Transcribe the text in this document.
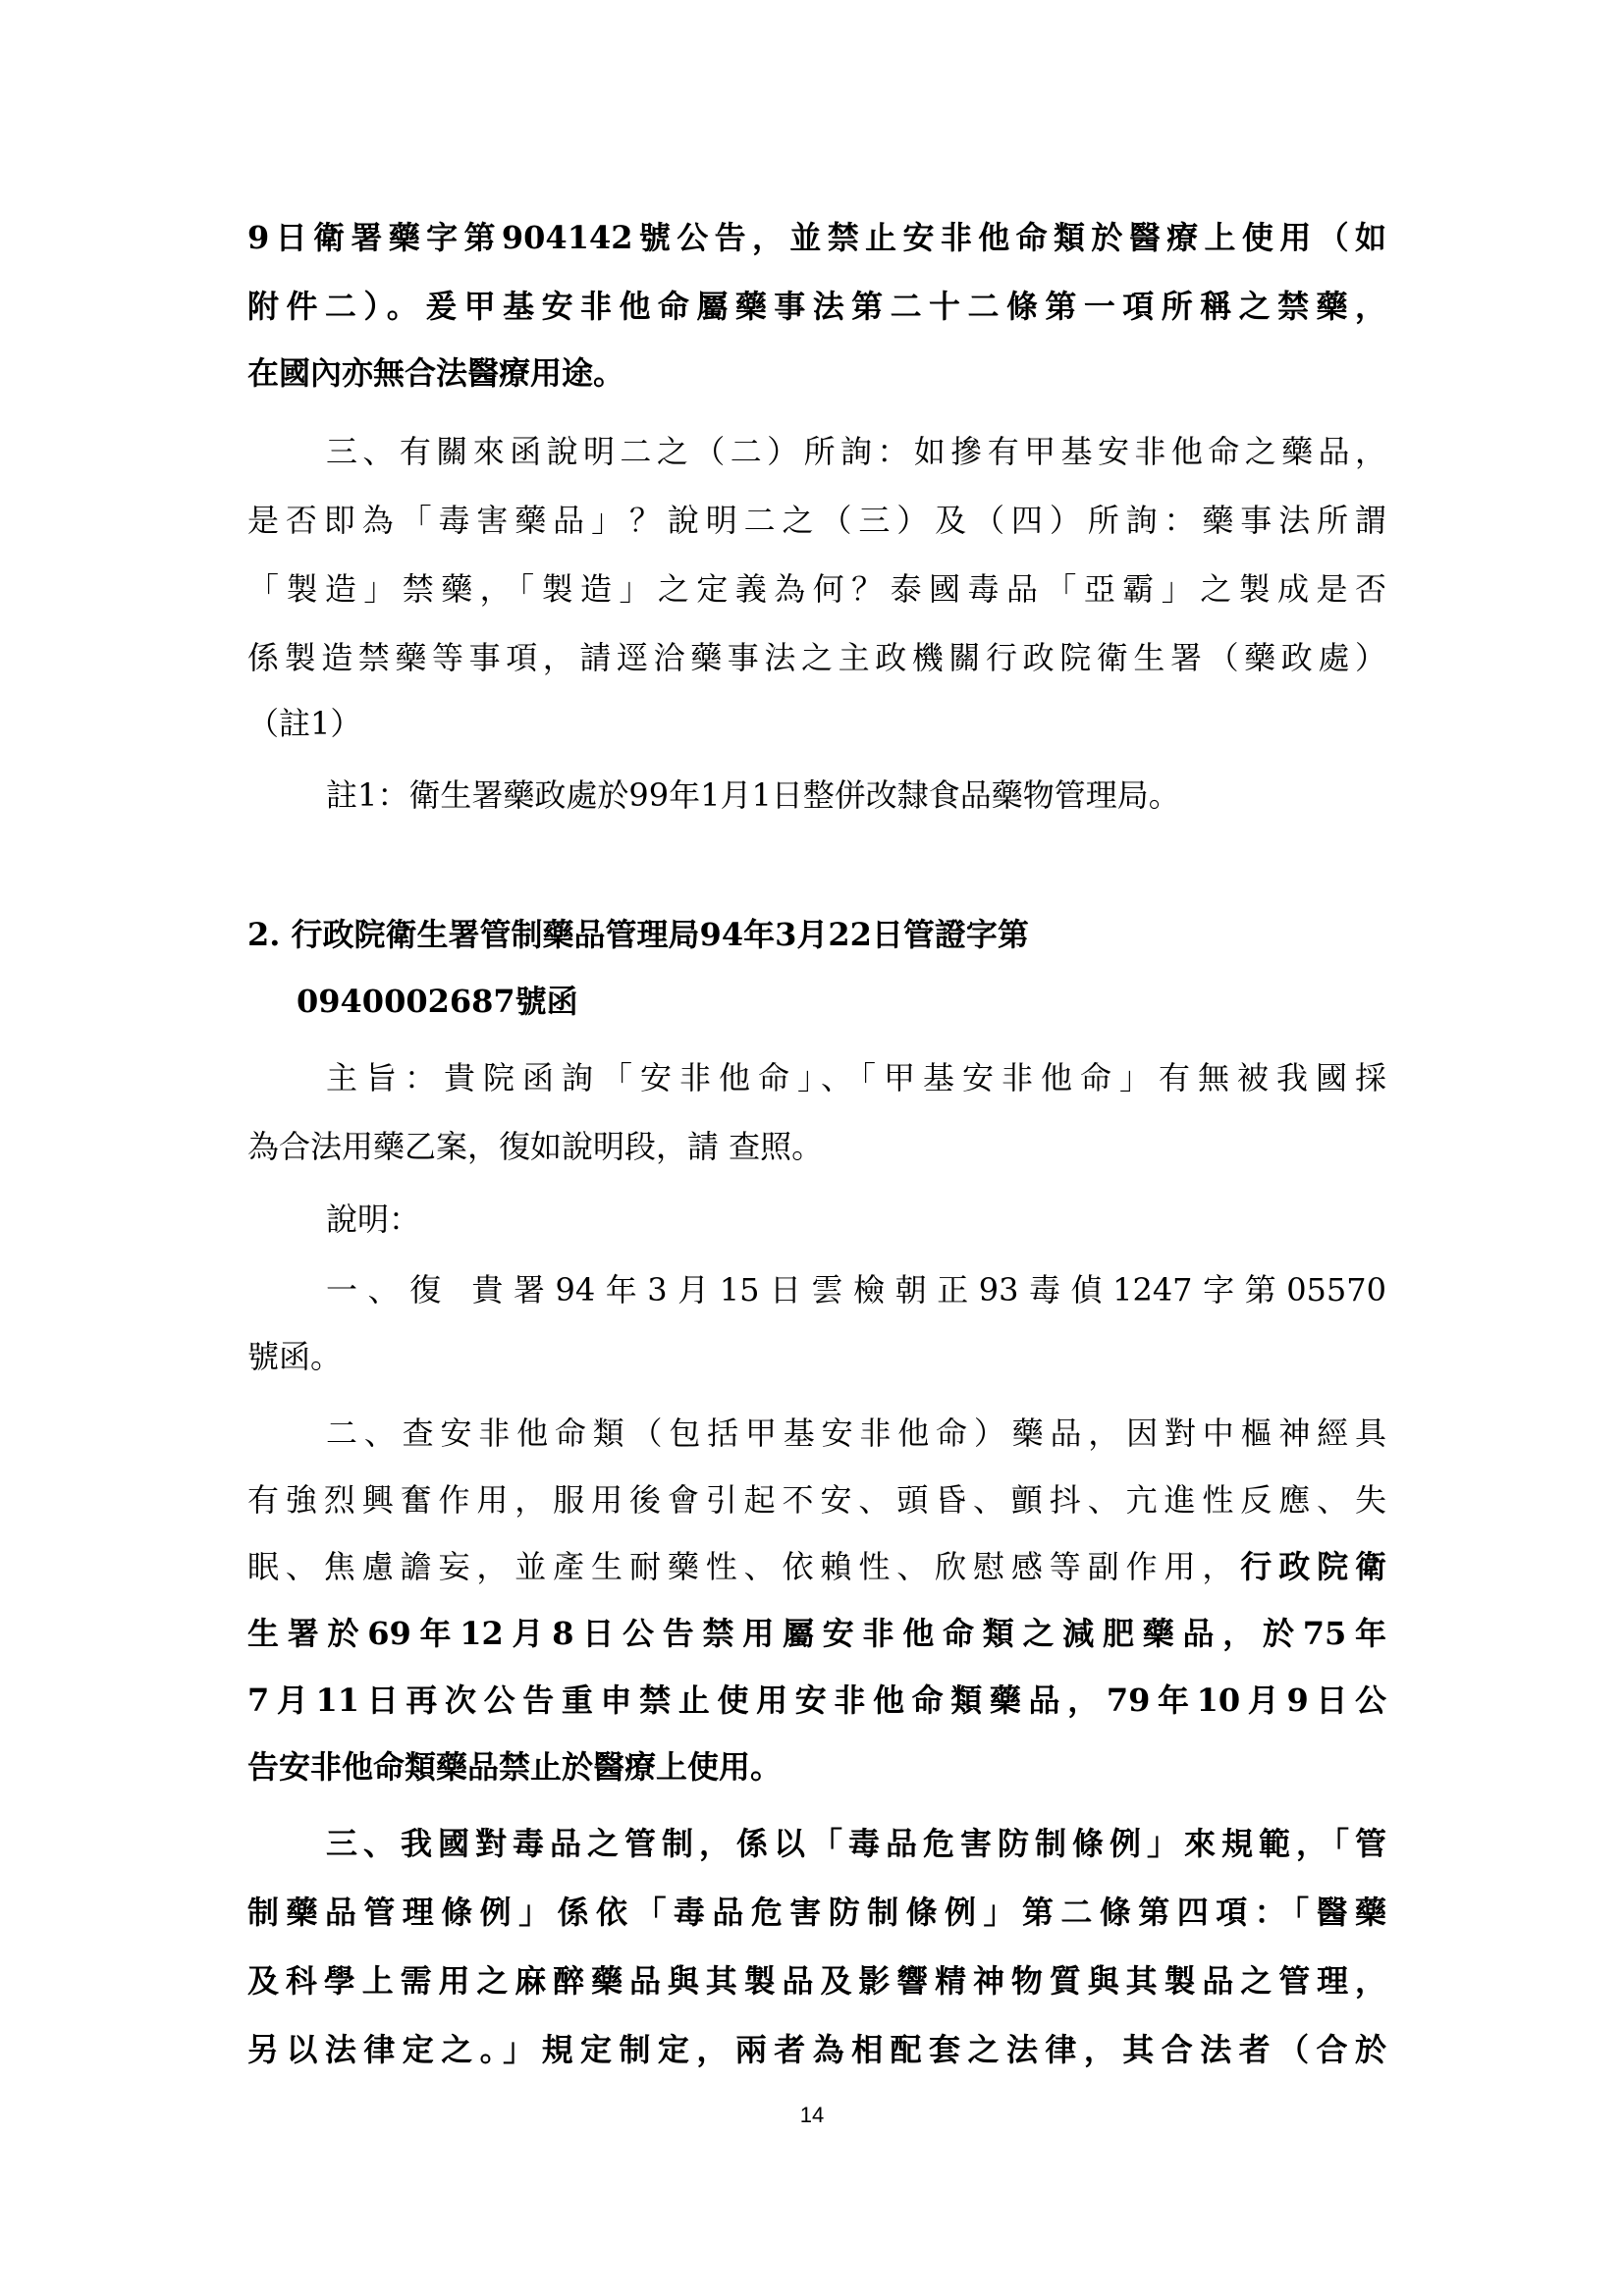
9日衛署藥字第904142號公告，並禁止安非他命類於醫療上使用（如
附件二）。爰甲基安非他命屬藥事法第二十二條第一項所稱之禁藥，
在國內亦無合法醫療用途。
三、有關來函說明二之（二）所詢：如摻有甲基安非他命之藥品，
是否即為「毒害藥品」？說明二之（三）及（四）所詢：藥事法所謂
「製造」禁藥，「製造」之定義為何？泰國毒品「亞霸」之製成是否
係製造禁藥等事項，請逕洽藥事法之主政機關行政院衛生署（藥政處）
（註1）
註1：衛生署藥政處於99年1月1日整併改隸食品藥物管理局。
2. 行政院衛生署管制藥品管理局94年3月22日管證字第
0940002687號函
主旨：貴院函詢「安非他命」、「甲基安非他命」有無被我國採
為合法用藥乙案，復如說明段，請 查照。
說明：
一、復 貴署94年3月15日雲檢朝正93毒偵1247字第05570
號函。
二、查安非他命類（包括甲基安非他命）藥品，因對中樞神經具
有強烈興奮作用，服用後會引起不安、頭昏、顫抖、亢進性反應、失
眠、焦慮譫妄，並產生耐藥性、依賴性、欣慰感等副作用，行政院衛
生署於69年12月8日公告禁用屬安非他命類之減肥藥品，於75年
7月11日再次公告重申禁止使用安非他命類藥品，79年10月9日公
告安非他命類藥品禁止於醫療上使用。
三、我國對毒品之管制，係以「毒品危害防制條例」來規範，「管
制藥品管理條例」係依「毒品危害防制條例」第二條第四項：「醫藥
及科學上需用之麻醉藥品與其製品及影響精神物質與其製品之管理，
另以法律定之。」規定制定，兩者為相配套之法律，其合法者（合於
14
